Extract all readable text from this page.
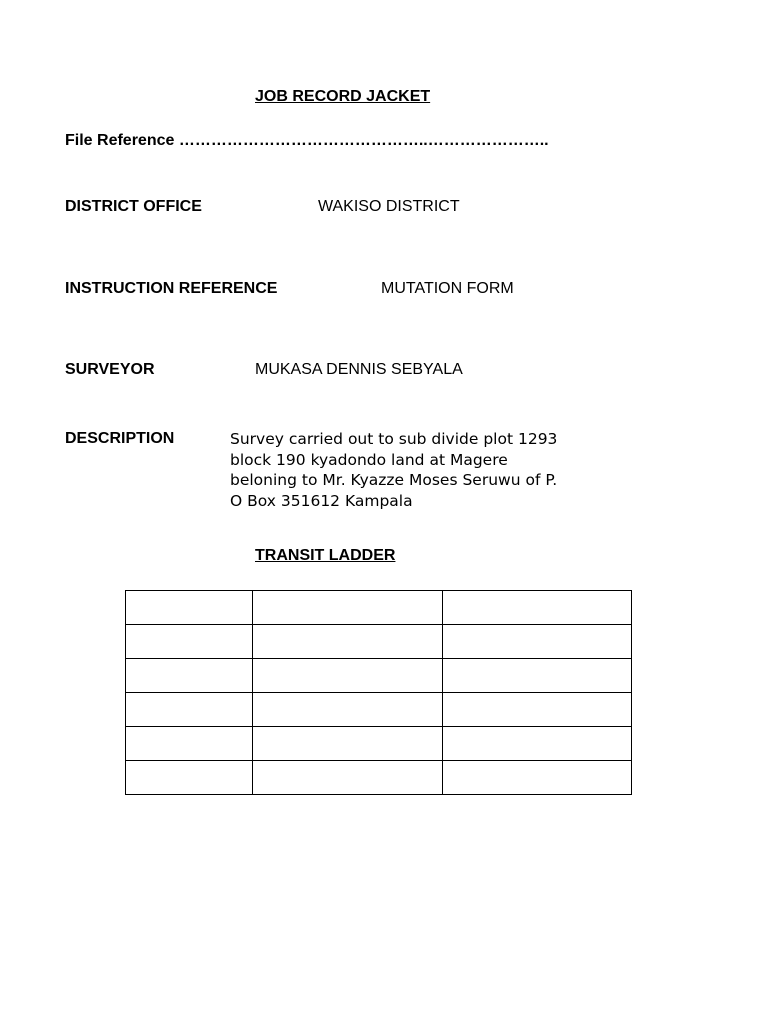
JOB RECORD JACKET
File Reference ………………………………………..…………………..
DISTRICT OFFICE	WAKISO DISTRICT
INSTRUCTION REFERENCE	MUTATION FORM
SURVEYOR	MUKASA DENNIS SEBYALA
DESCRIPTION	Survey carried out to sub divide plot 1293
block 190 kyadondo land at Magere
beloning to Mr. Kyazze Moses Seruwu of P.
O Box 351612 Kampala
TRANSIT LADDER
